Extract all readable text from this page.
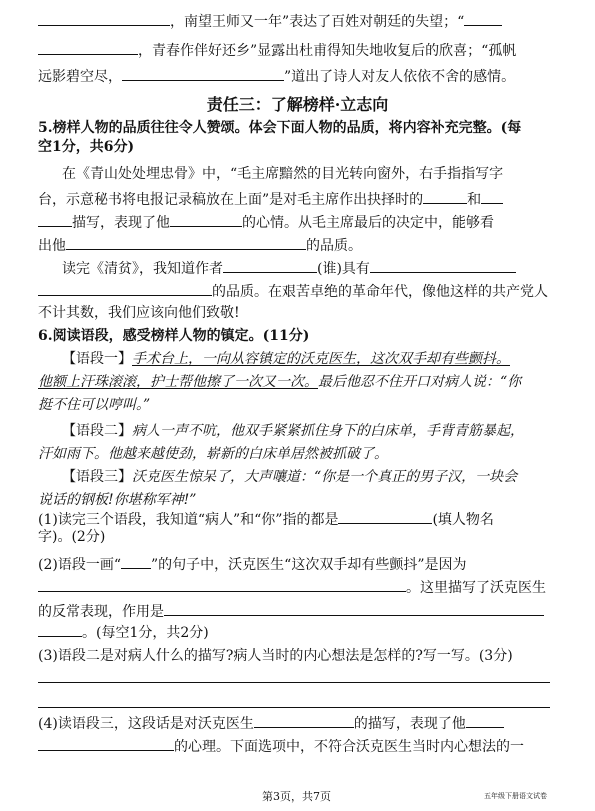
，南望王师又一年”表达了百姓对朝廷的失望；“
，青春作伴好还乡”显露出杜甫得知失地收复后的欣喜；“孤帆
远影碧空尽，	”道出了诗人对友人依依不舍的感情。
责任三：了解榜样·立志向
5.榜样人物的品质往往令人赞颂。体会下面人物的品质，将内容补充完整。(每
空1分，共6分)
在《青山处处埋忠骨》中，“毛主席黯然的目光转向窗外，右手指指写字
台，示意秘书将电报记录稿放在上面”是对毛主席作出抉择时的	和
描写，表现了他	的心情。从毛主席最后的决定中，能够看
出他	的品质。
读完《清贫》，我知道作者	(谁)具有
的品质。在艰苦卓绝的革命年代，像他这样的共产党人
不计其数，我们应该向他们致敬!
6.阅读语段，感受榜样人物的镇定。(11分)
【语段一】手术台上，一向从容镇定的沃克医生，这次双手却有些颤抖。
他额上汗珠滚滚，护士帮他擦了一次又一次。最后他忍不住开口对病人说：“你
挺不住可以哼叫。”
【语段二】病人一声不吭，他双手紧紧抓住身下的白床单，手背青筋暴起，
汗如雨下。他越来越使劲，崭新的白床单居然被抓破了。
【语段三】沃克医生惊呆了，大声嚷道：“你是一个真正的男子汉，一块会
说话的钢板!你堪称军神!”
(1)读完三个语段，我知道“病人”和“你”指的都是	(填人物名
字)。(2分)
(2)语段一画“ ”的句子中，沃克医生“这次双手却有些颤抖”是因为
。这里描写了沃克医生
的反常表现，作用是
。(每空1分，共2分)
(3)语段二是对病人什么的描写?病人当时的内心想法是怎样的?写一写。(3分)
(4)读语段三，这段话是对沃克医生	的描写，表现了他
的心理。下面选项中，不符合沃克医生当时内心想法的一
第3页，共7页	五年级下册语文试卷
